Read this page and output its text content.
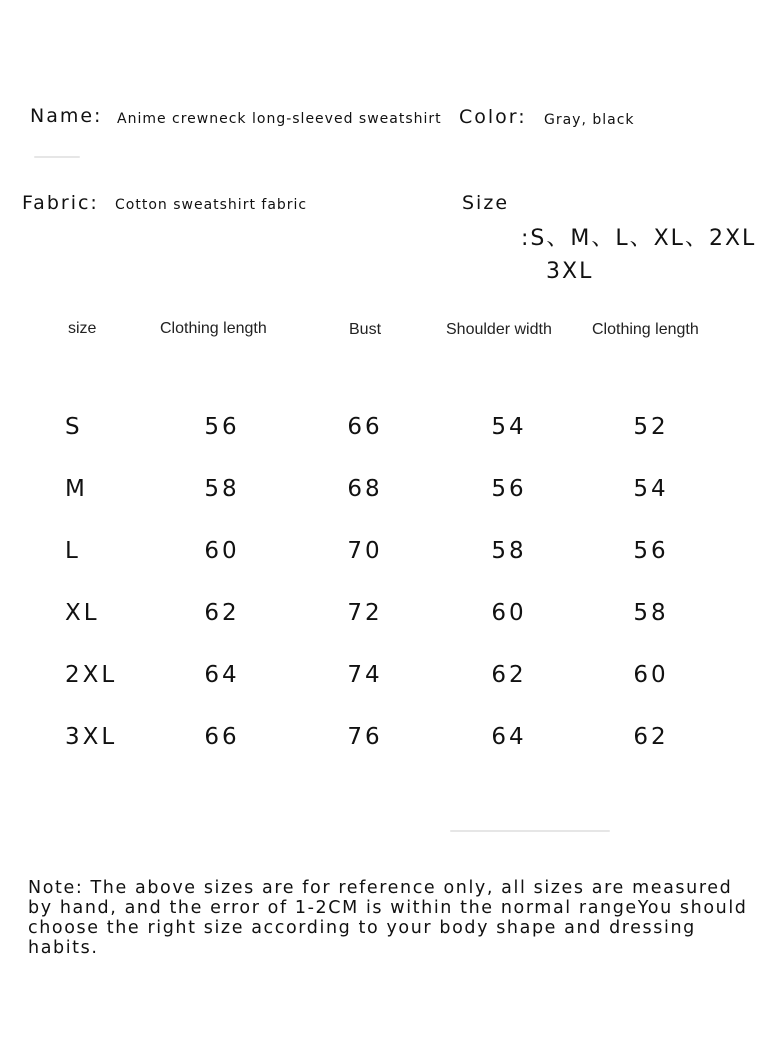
Name: Anime crewneck long-sleeved sweatshirt Color: Gray, black
Fabric: Cotton sweatshirt fabric	Size
:S、M、L、XL、2XL
3XL
size	Clothing length	Bust	Shoulder width	Clothing length
S	56	66	54	52
M	58	68	56	54
L	60	70	58	56
XL	62	72	60	58
2XL	64	74	62	60
3XL	66	76	64	62
Note: The above sizes are for reference only, all sizes are measured by hand, and the error of 1-2CM is within the normal rangeYou should choose the right size according to your body shape and dressing habits.
